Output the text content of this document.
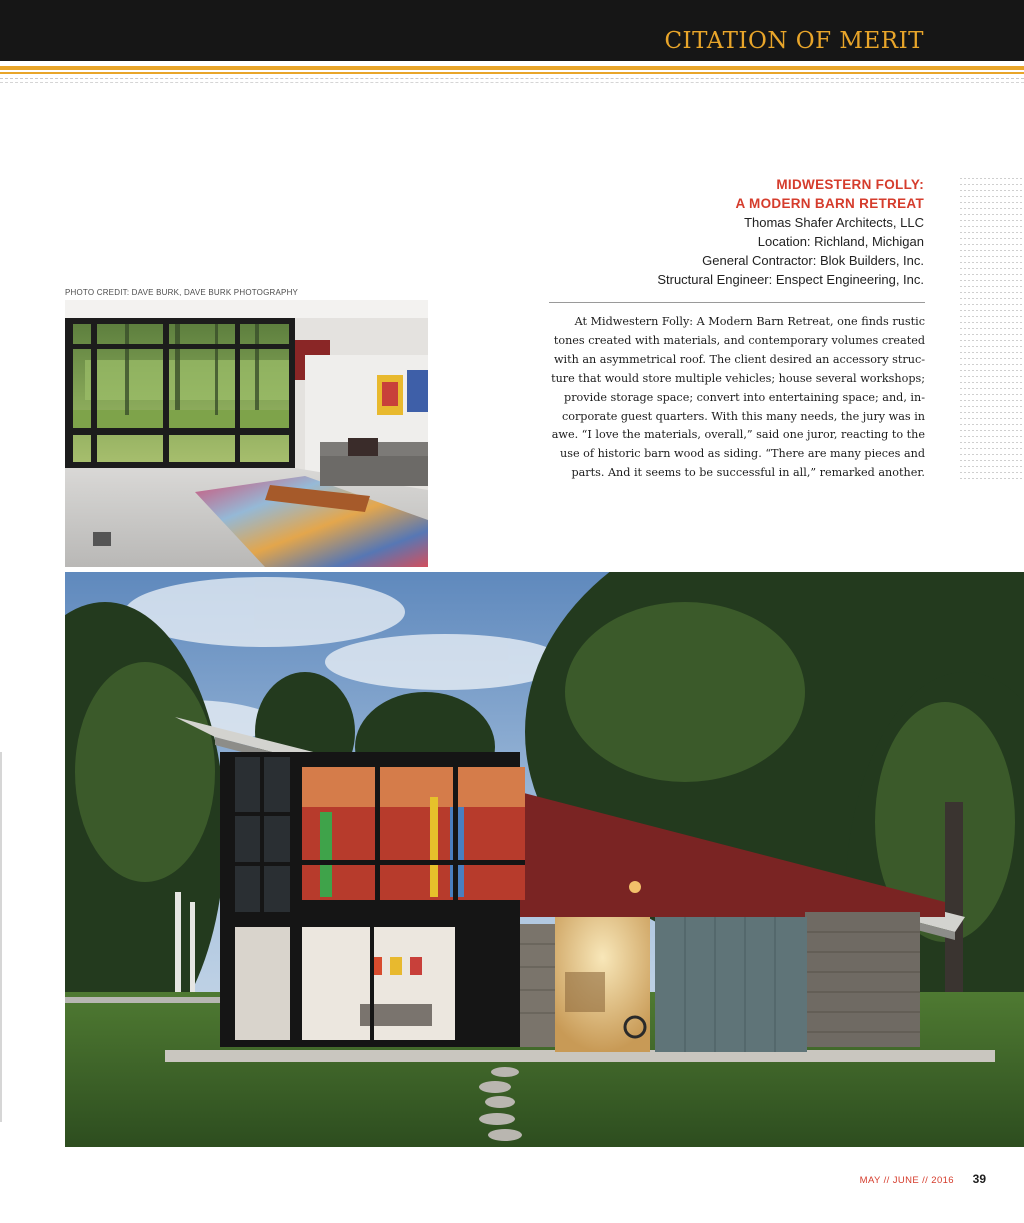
CITATION OF MERIT
MIDWESTERN FOLLY:
A MODERN BARN RETREAT
Thomas Shafer Architects, LLC
Location: Richland, Michigan
General Contractor: Blok Builders, Inc.
Structural Engineer: Enspect Engineering, Inc.
At Midwestern Folly: A Modern Barn Retreat, one finds rustic
tones created with materials, and contemporary volumes created
with an asymmetrical roof. The client desired an accessory struc-
ture that would store multiple vehicles; house several workshops;
provide storage space; convert into entertaining space; and, in-
corporate guest quarters. With this many needs, the jury was in
awe. “I love the materials, overall,” said one juror, reacting to the
use of historic barn wood as siding. “There are many pieces and
parts. And it seems to be successful in all,” remarked another.
PHOTO CREDIT: DAVE BURK, DAVE BURK PHOTOGRAPHY
MAY // JUNE // 2016 39
